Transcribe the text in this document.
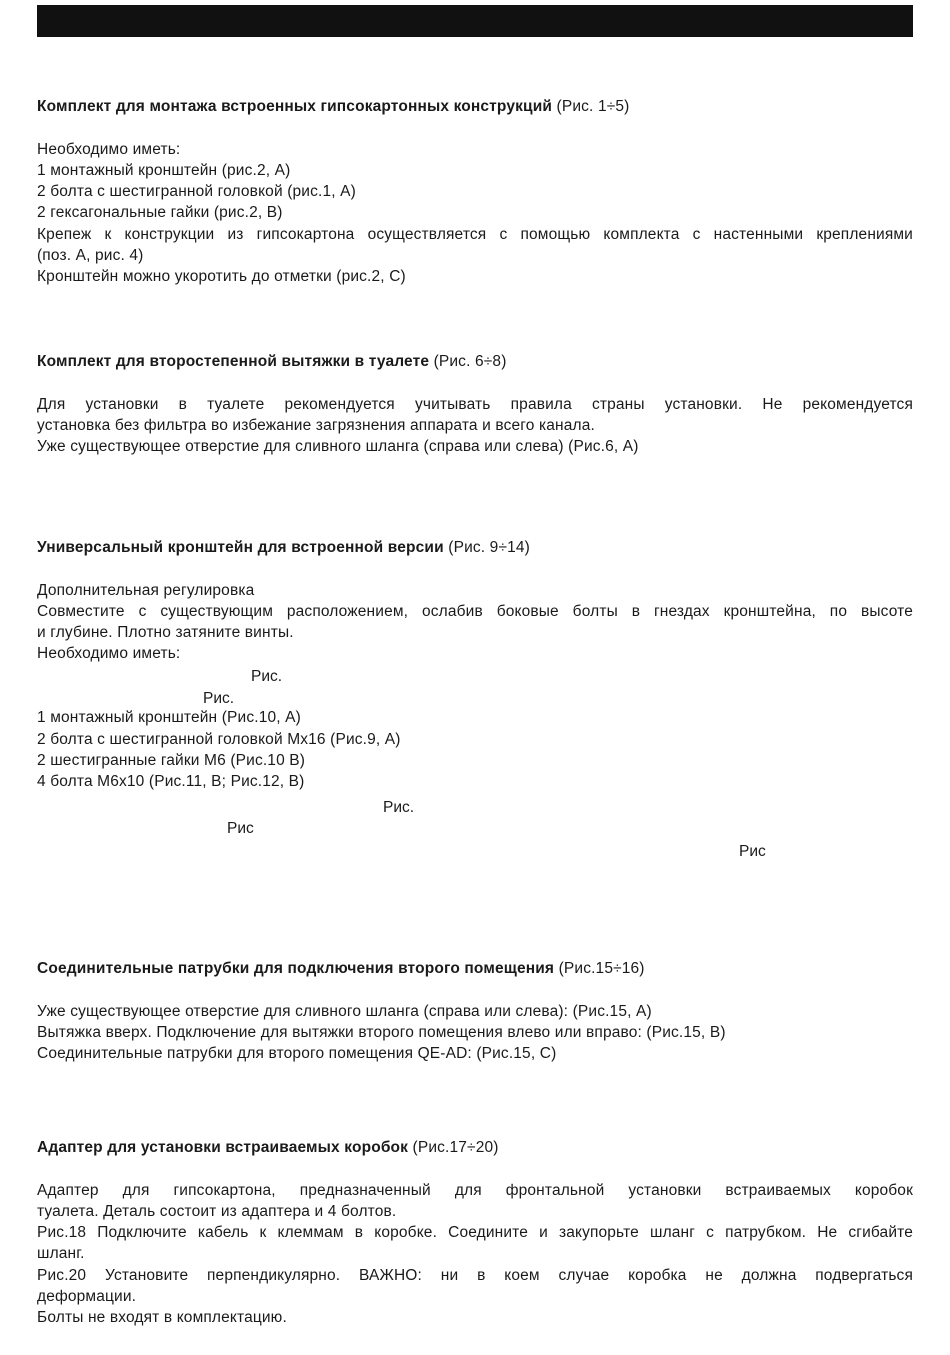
Комплект для монтажа встроенных гипсокартонных конструкций (Рис. 1÷5)
Необходимо иметь:
1 монтажный кронштейн (рис.2, A)
2 болта с шестигранной головкой (рис.1, A)
2 гексагональные гайки (рис.2, B)
Крепеж к конструкции из гипсокартона осуществляется с помощью комплекта с настенными креплениями
(поз. A, рис. 4)
Кронштейн можно укоротить до отметки (рис.2, C)
Комплект для второстепенной вытяжки в туалете (Рис. 6÷8)
Для установки в туалете рекомендуется учитывать правила страны установки. Не рекомендуется
установка без фильтра во избежание загрязнения аппарата и всего канала.
Уже существующее отверстие для сливного шланга (справа или слева) (Рис.6, A)
Универсальный кронштейн для встроенной версии (Рис. 9÷14)
Дополнительная регулировка
Совместите с существующим расположением, ослабив боковые болты в гнездах кронштейна, по высоте
и глубине. Плотно затяните винты.
Необходимо иметь:
1 монтажный кронштейн (Рис.10, A)
2 болта с шестигранной головкой Mx16 (Рис.9, A)
2 шестигранные гайки M6 (Рис.10 B)
4 болта M6x10 (Рис.11, B; Рис.12, B)
Рис.
Рис.
Рис.
Рис
Рис
Соединительные патрубки для подключения второго помещения (Рис.15÷16)
Уже существующее отверстие для сливного шланга (справа или слева): (Рис.15, A)
Вытяжка вверх. Подключение для вытяжки второго помещения влево или вправо: (Рис.15, B)
Соединительные патрубки для второго помещения QE-AD: (Рис.15, C)
Адаптер для установки встраиваемых коробок (Рис.17÷20)
Адаптер для гипсокартона, предназначенный для фронтальной установки встраиваемых коробок
туалета. Деталь состоит из адаптера и 4 болтов.
Рис.18 Подключите кабель к клеммам в коробке. Соедините и закупорьте шланг с патрубком. Не сгибайте
шланг.
Рис.20 Установите перпендикулярно. ВАЖНО: ни в коем случае коробка не должна подвергаться
деформации.
Болты не входят в комплектацию.
